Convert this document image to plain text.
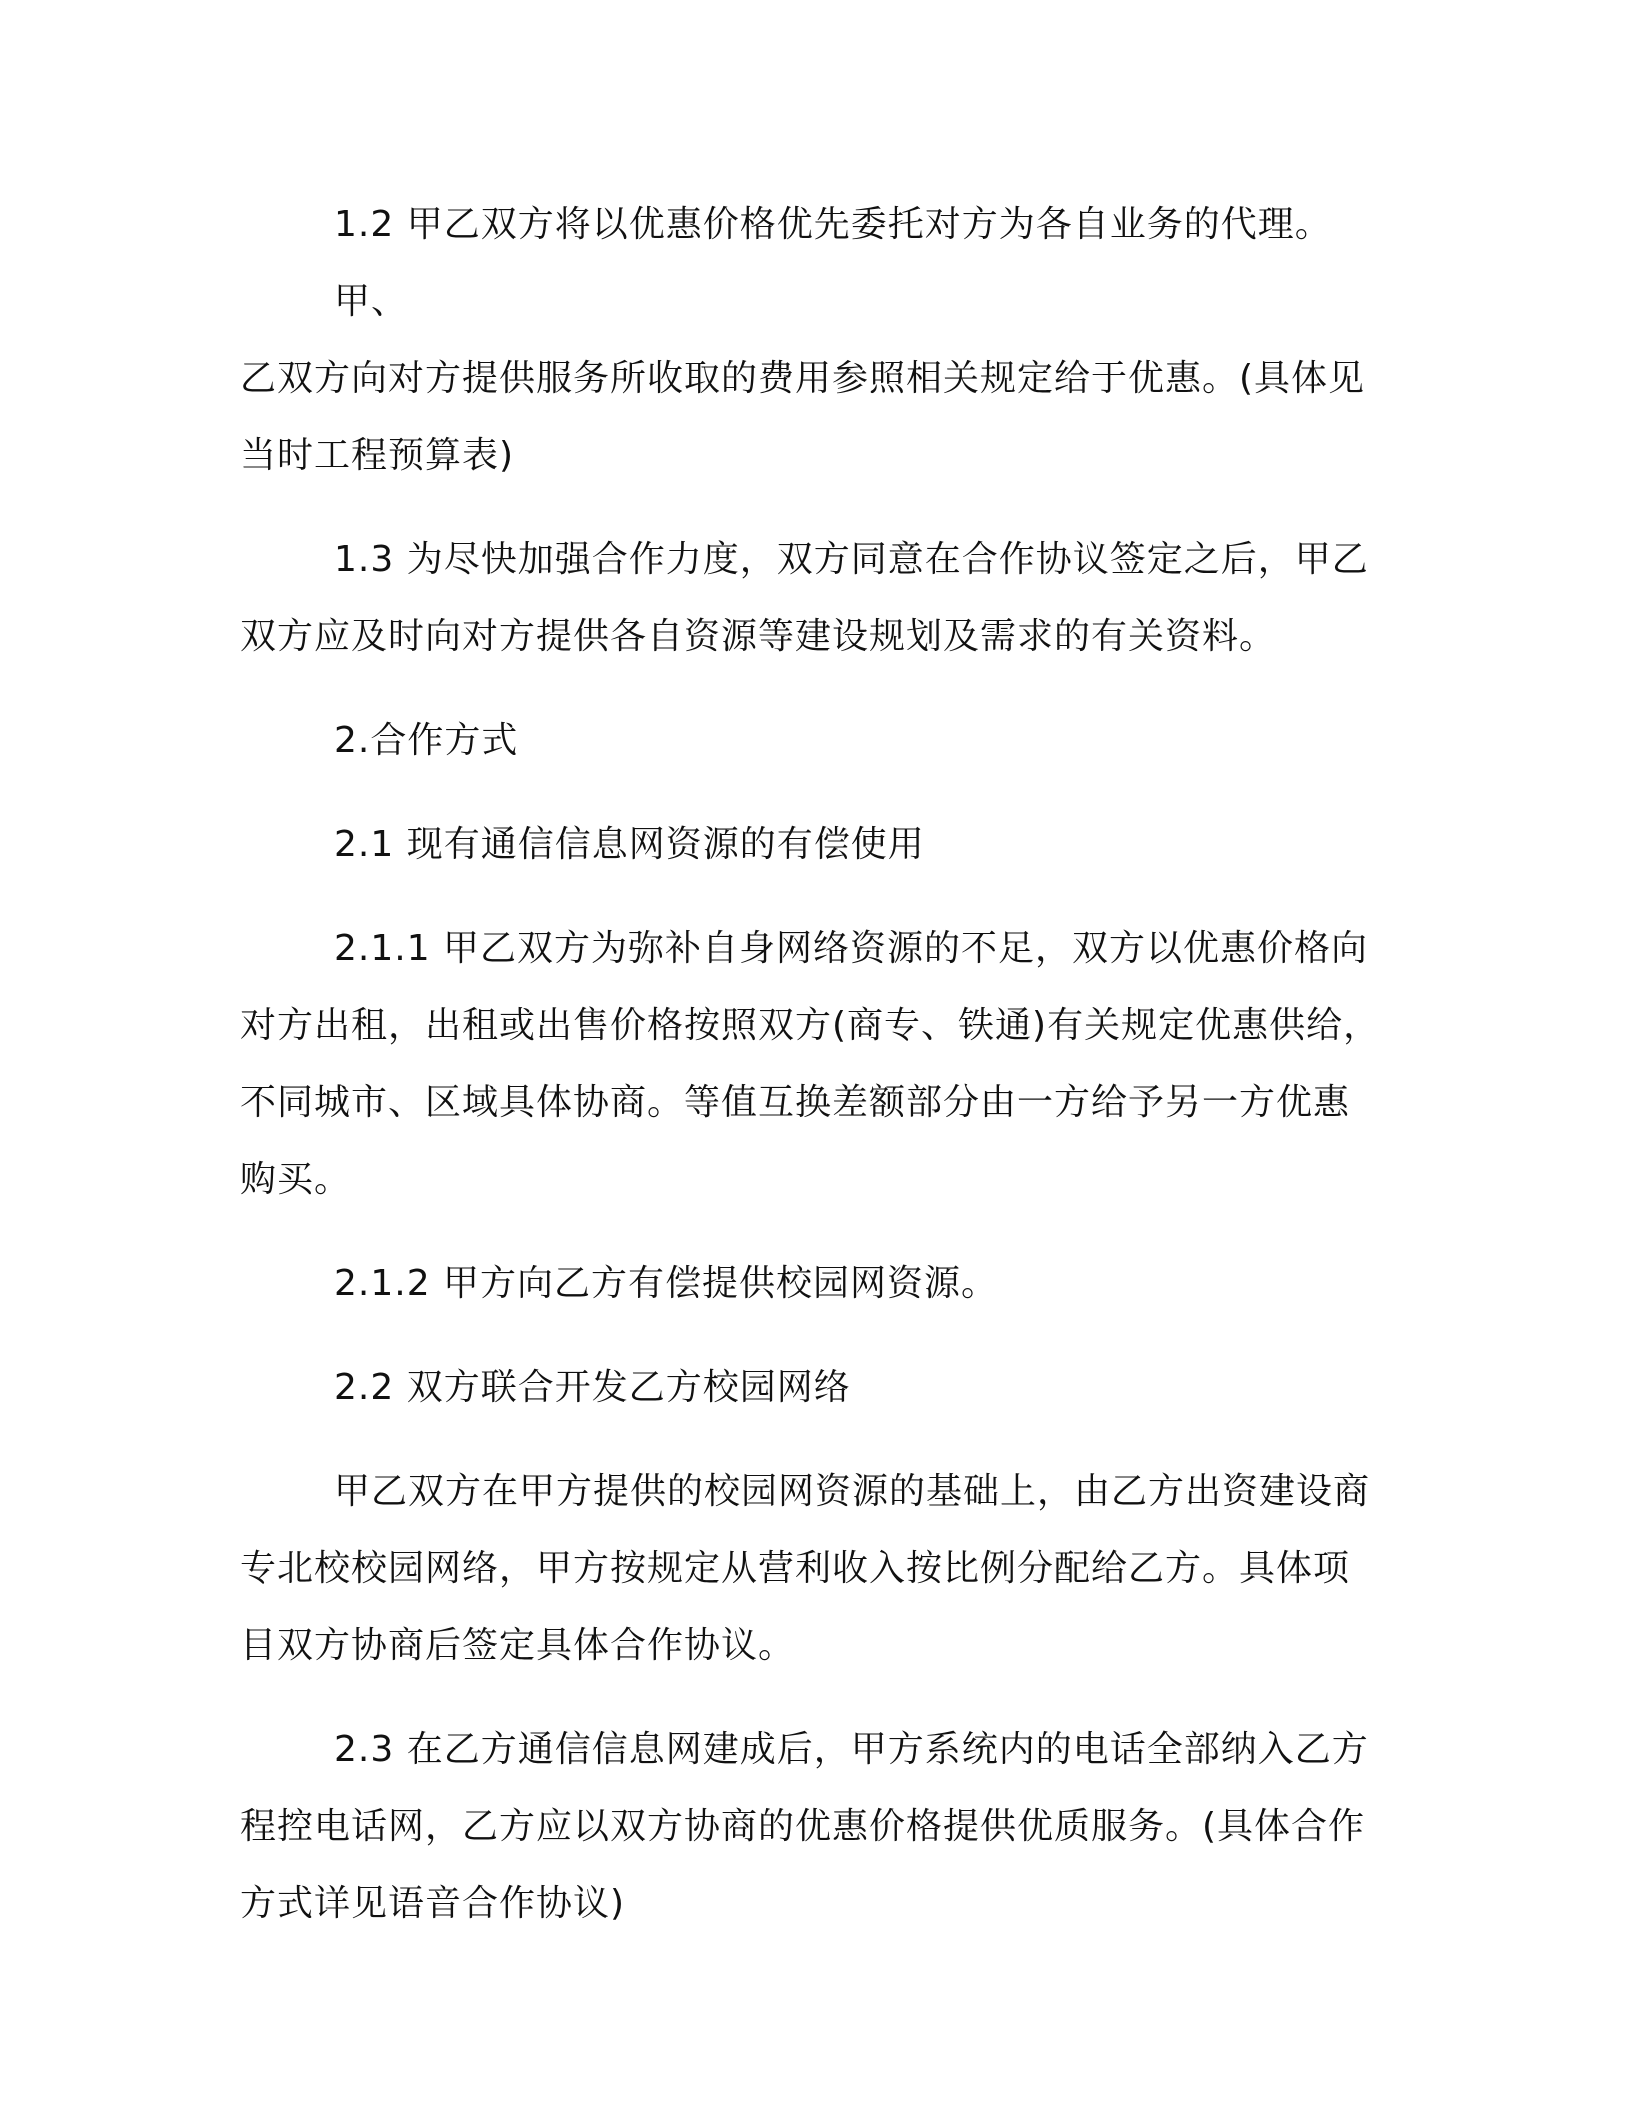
1.2 甲乙双方将以优惠价格优先委托对方为各自业务的代理。甲、
乙双方向对方提供服务所收取的费用参照相关规定给于优惠。(具体见
当时工程预算表)

1.3 为尽快加强合作力度，双方同意在合作协议签定之后，甲乙
双方应及时向对方提供各自资源等建设规划及需求的有关资料。

2.合作方式

2.1 现有通信信息网资源的有偿使用

2.1.1 甲乙双方为弥补自身网络资源的不足，双方以优惠价格向
对方出租，出租或出售价格按照双方(商专、铁通)有关规定优惠供给，
不同城市、区域具体协商。等值互换差额部分由一方给予另一方优惠
购买。

2.1.2 甲方向乙方有偿提供校园网资源。

2.2 双方联合开发乙方校园网络

甲乙双方在甲方提供的校园网资源的基础上，由乙方出资建设商
专北校校园网络，甲方按规定从营利收入按比例分配给乙方。具体项
目双方协商后签定具体合作协议。

2.3 在乙方通信信息网建成后，甲方系统内的电话全部纳入乙方
程控电话网，乙方应以双方协商的优惠价格提供优质服务。(具体合作
方式详见语音合作协议)
